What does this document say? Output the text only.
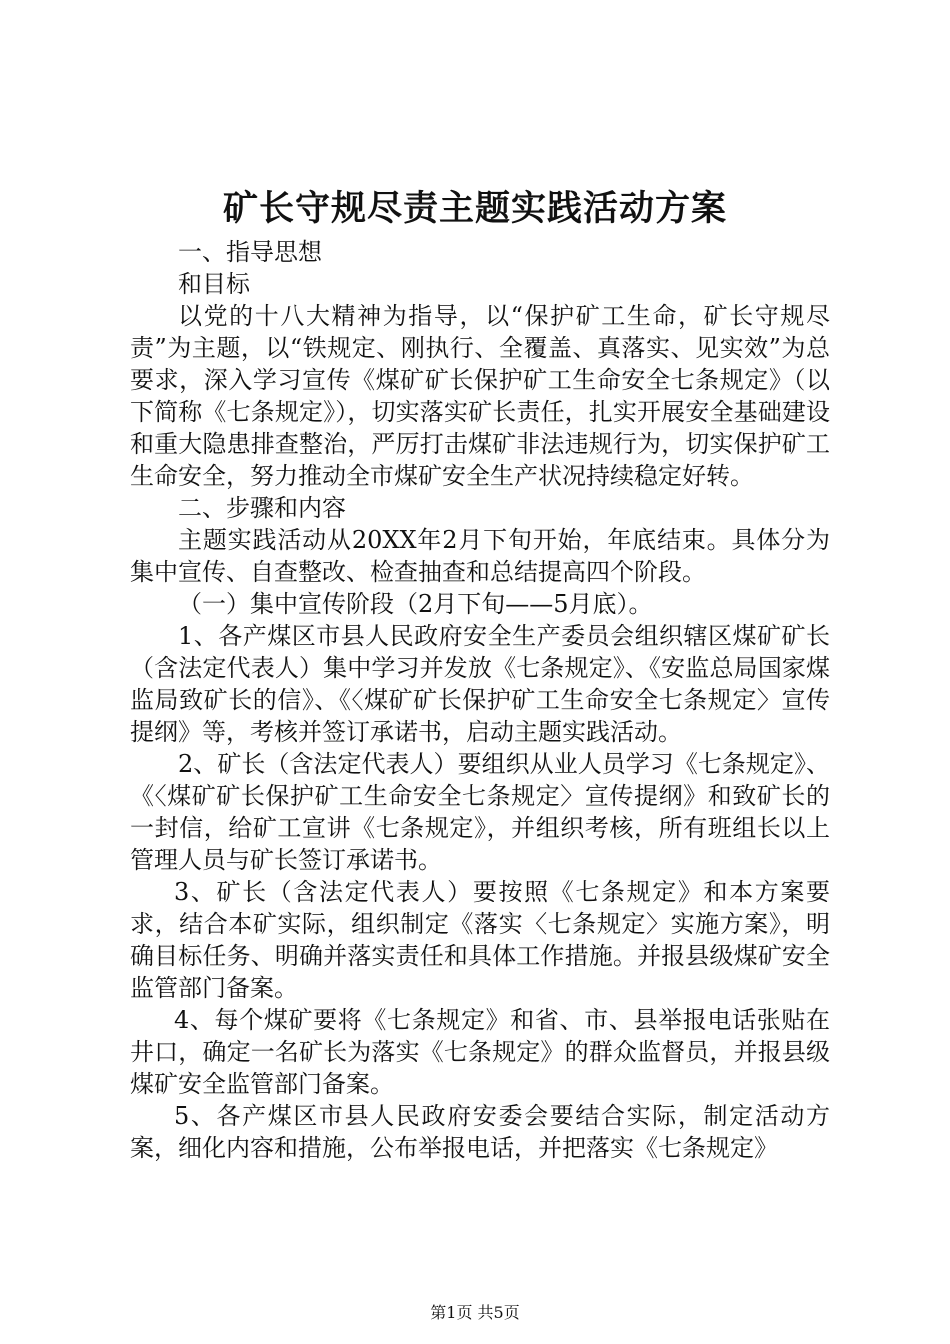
矿长守规尽责主题实践活动方案

一、指导思想

和目标

以党的十八大精神为指导，以“保护矿工生命，矿长守规尽责”为主题，以“铁规定、刚执行、全覆盖、真落实、见实效”为总要求，深入学习宣传《煤矿矿长保护矿工生命安全七条规定》（以下简称《七条规定》），切实落实矿长责任，扎实开展安全基础建设和重大隐患排查整治，严厉打击煤矿非法违规行为，切实保护矿工生命安全，努力推动全市煤矿安全生产状况持续稳定好转。

二、步骤和内容

主题实践活动从20XX年2月下旬开始，年底结束。具体分为集中宣传、自查整改、检查抽查和总结提高四个阶段。

（一）集中宣传阶段（2月下旬——5月底）。

1、各产煤区市县人民政府安全生产委员会组织辖区煤矿矿长（含法定代表人）集中学习并发放《七条规定》、《安监总局国家煤监局致矿长的信》、《〈煤矿矿长保护矿工生命安全七条规定〉宣传提纲》等，考核并签订承诺书，启动主题实践活动。

2、矿长（含法定代表人）要组织从业人员学习《七条规定》、《〈煤矿矿长保护矿工生命安全七条规定〉宣传提纲》和致矿长的一封信，给矿工宣讲《七条规定》，并组织考核，所有班组长以上管理人员与矿长签订承诺书。

3、矿长（含法定代表人）要按照《七条规定》和本方案要求，结合本矿实际，组织制定《落实〈七条规定〉实施方案》，明确目标任务、明确并落实责任和具体工作措施。并报县级煤矿安全监管部门备案。

4、每个煤矿要将《七条规定》和省、市、县举报电话张贴在井口，确定一名矿长为落实《七条规定》的群众监督员，并报县级煤矿安全监管部门备案。

5、各产煤区市县人民政府安委会要结合实际，制定活动方案，细化内容和措施，公布举报电话，并把落实《七条规定》

第1页 共5页
